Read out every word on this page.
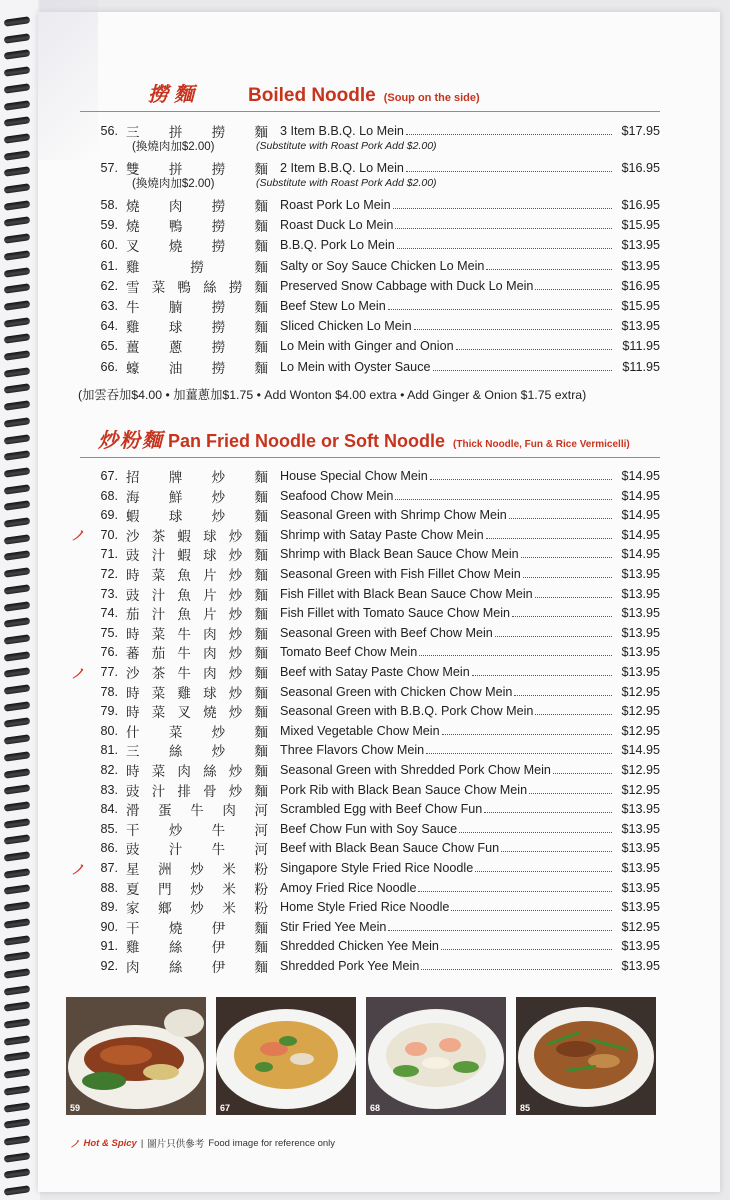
撈麵	Boiled Noodle (Soup on the side)
56. 三 拼 撈 麵 3 Item B.B.Q. Lo Mein	$17.95
(換燒肉加$2.00)	(Substitute with Roast Pork Add $2.00)
57. 雙 拼 撈 麵 2 Item B.B.Q. Lo Mein	$16.95
(換燒肉加$2.00)	(Substitute with Roast Pork Add $2.00)
58. 燒 肉 撈 麵 Roast Pork Lo Mein	$16.95
59. 燒 鴨 撈 麵 Roast Duck Lo Mein	$15.95
60. 叉 燒 撈 麵 B.B.Q. Pork Lo Mein	$13.95
61. 雞	撈	麵 Salty or Soy Sauce Chicken Lo Mein	$13.95
62. 雪 菜 鴨 絲 撈 麵 Preserved Snow Cabbage with Duck Lo Mein	$16.95
63. 牛 腩 撈 麵 Beef Stew Lo Mein	$15.95
64. 雞 球 撈 麵 Sliced Chicken Lo Mein	$13.95
65. 薑 蔥 撈 麵 Lo Mein with Ginger and Onion	$11.95
66. 蠔 油 撈 麵 Lo Mein with Oyster Sauce	$11.95
(加雲吞加$4.00 • 加薑蔥加$1.75 • Add Wonton $4.00 extra • Add Ginger & Onion $1.75 extra)
炒粉麵 Pan Fried Noodle or Soft Noodle (Thick Noodle, Fun & Rice Vermicelli)
67. 招 牌 炒 麵 House Special Chow Mein	$14.95
68. 海 鮮 炒 麵 Seafood Chow Mein	$14.95
69. 蝦 球 炒 麵 Seasonal Green with Shrimp Chow Mein	$14.95
ノ	70. 沙 茶 蝦 球 炒 麵 Shrimp with Satay Paste Chow Mein	$14.95
71. 豉 汁 蝦 球 炒 麵 Shrimp with Black Bean Sauce Chow Mein	$14.95
72. 時 菜 魚 片 炒 麵 Seasonal Green with Fish Fillet Chow Mein	$13.95
73. 豉 汁 魚 片 炒 麵 Fish Fillet with Black Bean Sauce Chow Mein	$13.95
74. 茄 汁 魚 片 炒 麵 Fish Fillet with Tomato Sauce Chow Mein	$13.95
75. 時 菜 牛 肉 炒 麵 Seasonal Green with Beef Chow Mein	$13.95
76. 蕃 茄 牛 肉 炒 麵 Tomato Beef Chow Mein	$13.95
ノ	77. 沙 茶 牛 肉 炒 麵 Beef with Satay Paste Chow Mein	$13.95
78. 時 菜 雞 球 炒 麵 Seasonal Green with Chicken Chow Mein	$12.95
79. 時 菜 叉 燒 炒 麵 Seasonal Green with B.B.Q. Pork Chow Mein	$12.95
80. 什 菜 炒 麵 Mixed Vegetable Chow Mein	$12.95
81. 三 絲 炒 麵 Three Flavors Chow Mein	$14.95
82. 時 菜 肉 絲 炒 麵 Seasonal Green with Shredded Pork Chow Mein	$12.95
83. 豉 汁 排 骨 炒 麵 Pork Rib with Black Bean Sauce Chow Mein	$12.95
84. 滑 蛋 牛 肉 河 Scrambled Egg with Beef Chow Fun	$13.95
85. 干 炒 牛 河 Beef Chow Fun with Soy Sauce	$13.95
86. 豉 汁 牛 河 Beef with Black Bean Sauce Chow Fun	$13.95
ノ	87. 星 洲 炒 米 粉 Singapore Style Fried Rice Noodle	$13.95
88. 夏 門 炒 米 粉 Amoy Fried Rice Noodle	$13.95
89. 家 鄉 炒 米 粉 Home Style Fried Rice Noodle	$13.95
90. 干 燒 伊 麵 Stir Fried Yee Mein	$12.95
91. 雞 絲 伊 麵 Shredded Chicken Yee Mein	$13.95
92. 肉 絲 伊 麵 Shredded Pork Yee Mein	$13.95
59	67	68	85
ノ Hot & Spicy | 圖片只供參考 Food image for reference only
